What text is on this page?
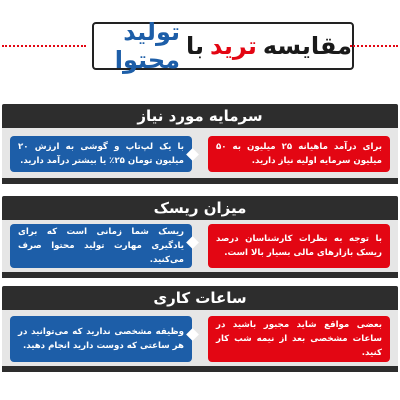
مقایسه
ترید
با
تولید محتوا
سرمایه مورد نیاز
برای درآمد ماهیانه ۲۵ میلیون به ۵۰ میلیون سرمایه اولیه نیاز دارید.
با یک لپ‌تاپ و گوشی به ارزش ۲۰ میلیون تومان ۲۵٪ یا بیشتر درآمد دارید.
میزان ریسک
با توجه به نظرات کارشناسان درصد ریسک بازارهای مالی بسیار بالا است.
ریسک شما زمانی است که برای یادگیری مهارت تولید محتوا صرف می‌کنید.
ساعات کاری
بعضی مواقع شاید مجبور باشید در ساعات مشخصی بعد از نیمه شب کار کنید.
وظیفه مشخصی ندارید که می‌توانید در هر ساعتی که دوست دارید انجام دهید.
